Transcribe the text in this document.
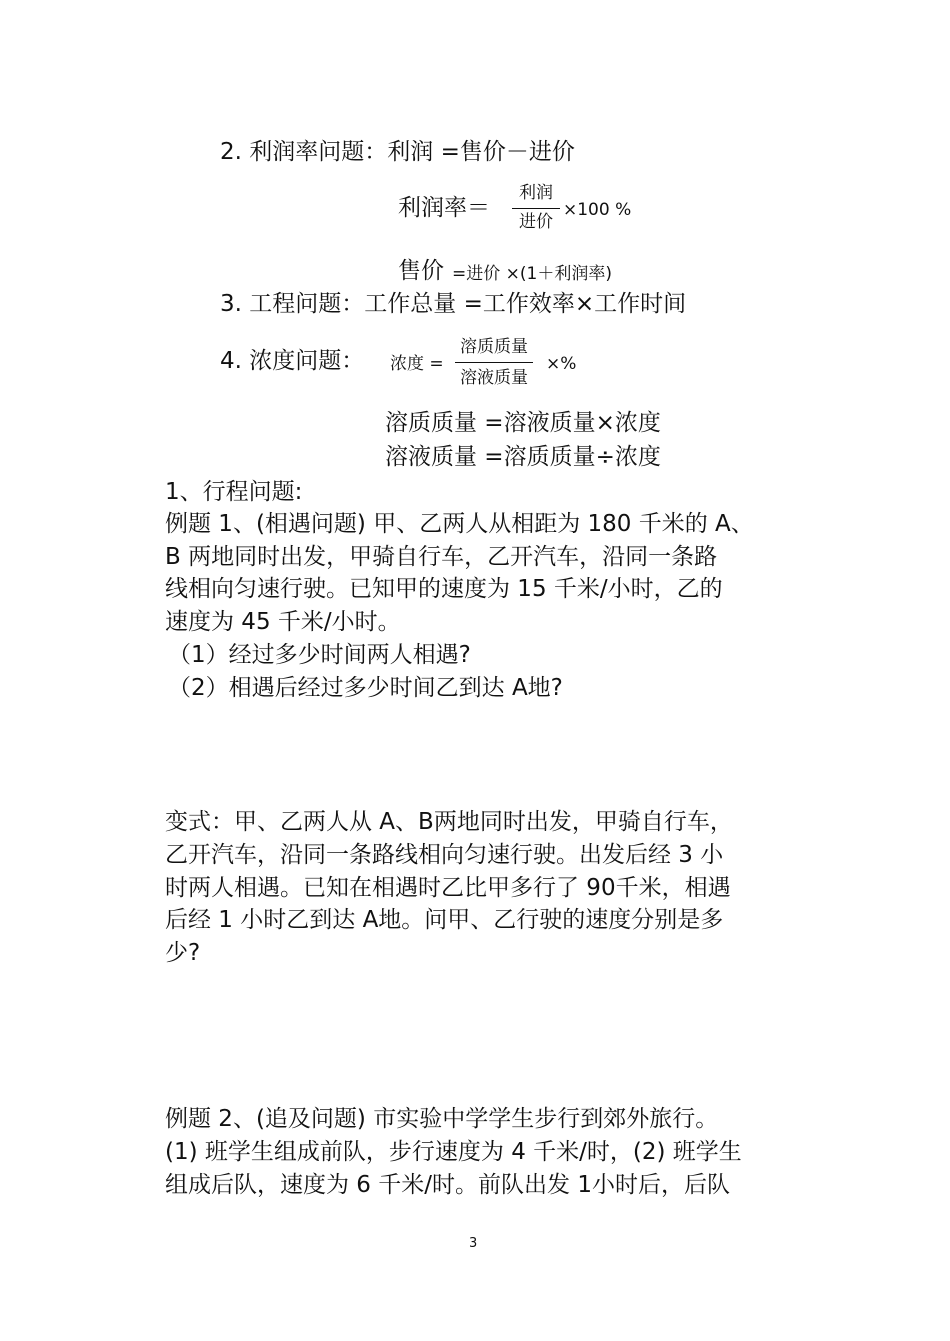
2. 利润率问题：利润 =售价－进价
利润率＝
利润
进价
×100 %
售价 =进价 ×(1＋利润率)
3. 工程问题：工作总量 =工作效率×工作时间
4. 浓度问题： 浓度 =
溶质质量
溶液质量
×%
溶质质量 =溶液质量×浓度
溶液质量 =溶质质量÷浓度
1、行程问题:
例题 1、(相遇问题) 甲、乙两人从相距为 180 千米的 A、
B 两地同时出发，甲骑自行车，乙开汽车，沿同一条路
线相向匀速行驶。已知甲的速度为 15 千米/小时，乙的
速度为 45 千米/小时。
（1）经过多少时间两人相遇?
（2）相遇后经过多少时间乙到达 A地?
变式：甲、乙两人从 A、B两地同时出发，甲骑自行车，
乙开汽车，沿同一条路线相向匀速行驶。出发后经 3 小
时两人相遇。已知在相遇时乙比甲多行了 90千米，相遇
后经 1 小时乙到达 A地。问甲、乙行驶的速度分别是多
少?
例题 2、(追及问题) 市实验中学学生步行到郊外旅行。
(1) 班学生组成前队，步行速度为 4 千米/时，(2) 班学生
组成后队，速度为 6 千米/时。前队出发 1小时后，后队
3
